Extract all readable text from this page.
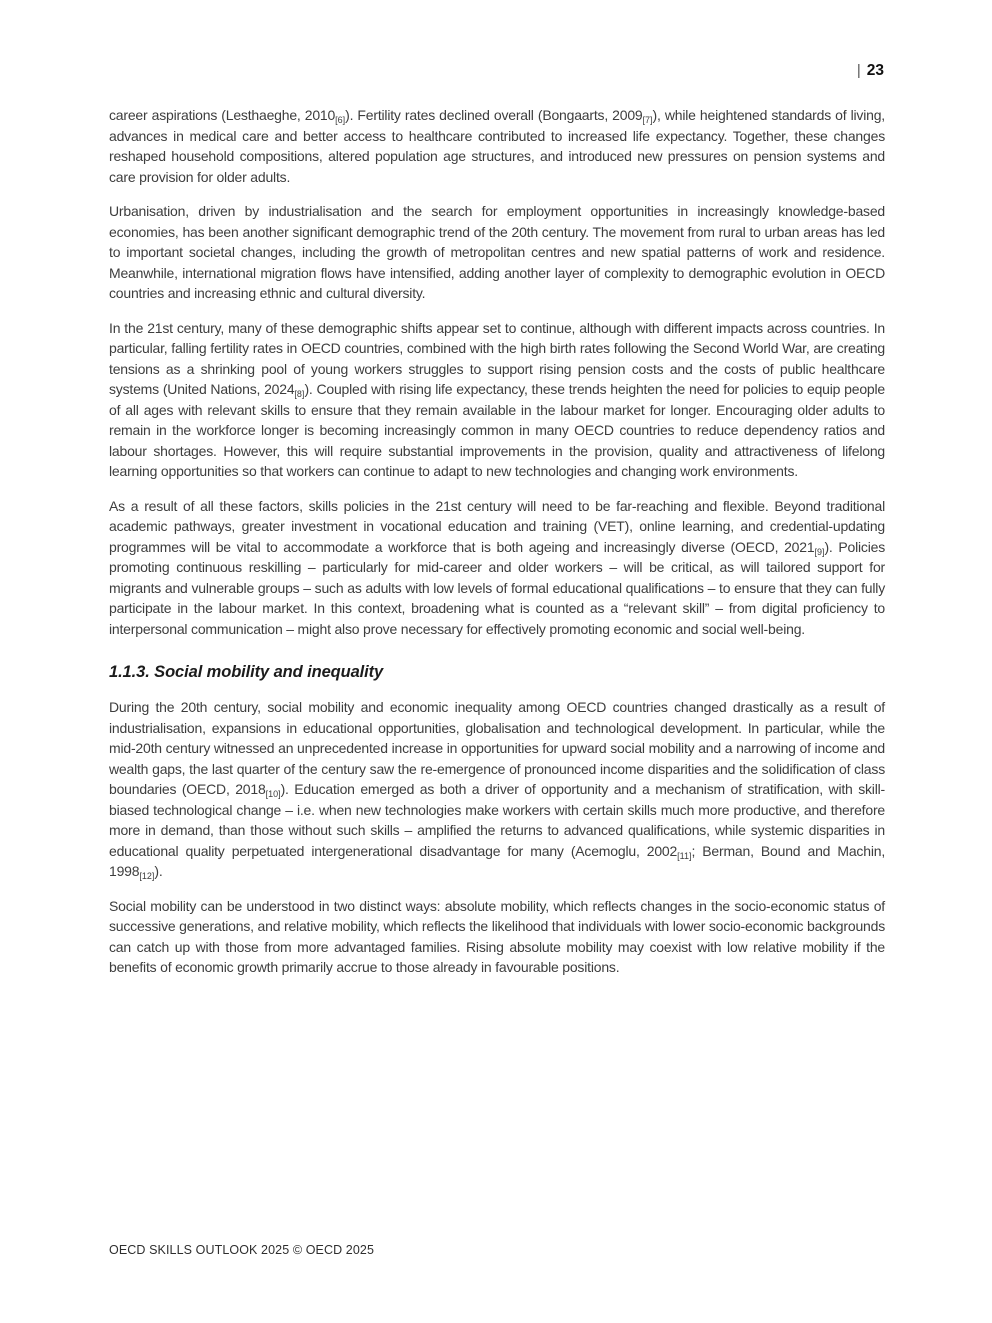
| 23

career aspirations (Lesthaeghe, $2010_{[6]}$). Fertility rates declined overall (Bongaarts, $2009_{[7]}$), while heightened standards of living, advances in medical care and better access to healthcare contributed to increased life expectancy. Together, these changes reshaped household compositions, altered population age structures, and introduced new pressures on pension systems and care provision for older adults.

Urbanisation, driven by industrialisation and the search for employment opportunities in increasingly knowledge-based economies, has been another significant demographic trend of the 20th century. The movement from rural to urban areas has led to important societal changes, including the growth of metropolitan centres and new spatial patterns of work and residence. Meanwhile, international migration flows have intensified, adding another layer of complexity to demographic evolution in OECD countries and increasing ethnic and cultural diversity.

In the 21st century, many of these demographic shifts appear set to continue, although with different impacts across countries. In particular, falling fertility rates in OECD countries, combined with the high birth rates following the Second World War, are creating tensions as a shrinking pool of young workers struggles to support rising pension costs and the costs of public healthcare systems (United Nations, $2024_{[8]}$). Coupled with rising life expectancy, these trends heighten the need for policies to equip people of all ages with relevant skills to ensure that they remain available in the labour market for longer. Encouraging older adults to remain in the workforce longer is becoming increasingly common in many OECD countries to reduce dependency ratios and labour shortages. However, this will require substantial improvements in the provision, quality and attractiveness of lifelong learning opportunities so that workers can continue to adapt to new technologies and changing work environments.

As a result of all these factors, skills policies in the 21st century will need to be far-reaching and flexible. Beyond traditional academic pathways, greater investment in vocational education and training (VET), online learning, and credential-updating programmes will be vital to accommodate a workforce that is both ageing and increasingly diverse (OECD, $2021_{[9]}$). Policies promoting continuous reskilling – particularly for mid-career and older workers – will be critical, as will tailored support for migrants and vulnerable groups – such as adults with low levels of formal educational qualifications – to ensure that they can fully participate in the labour market. In this context, broadening what is counted as a “relevant skill” – from digital proficiency to interpersonal communication – might also prove necessary for effectively promoting economic and social well-being.

1.1.3. Social mobility and inequality

During the 20th century, social mobility and economic inequality among OECD countries changed drastically as a result of industrialisation, expansions in educational opportunities, globalisation and technological development. In particular, while the mid-20th century witnessed an unprecedented increase in opportunities for upward social mobility and a narrowing of income and wealth gaps, the last quarter of the century saw the re-emergence of pronounced income disparities and the solidification of class boundaries (OECD, $2018_{[10]}$). Education emerged as both a driver of opportunity and a mechanism of stratification, with skill-biased technological change – i.e. when new technologies make workers with certain skills much more productive, and therefore more in demand, than those without such skills – amplified the returns to advanced qualifications, while systemic disparities in educational quality perpetuated intergenerational disadvantage for many (Acemoglu, $2002_{[11]}$; Berman, Bound and Machin, $1998_{[12]}$).

Social mobility can be understood in two distinct ways: absolute mobility, which reflects changes in the socio-economic status of successive generations, and relative mobility, which reflects the likelihood that individuals with lower socio-economic backgrounds can catch up with those from more advantaged families. Rising absolute mobility may coexist with low relative mobility if the benefits of economic growth primarily accrue to those already in favourable positions.

OECD SKILLS OUTLOOK 2025 © OECD 2025
